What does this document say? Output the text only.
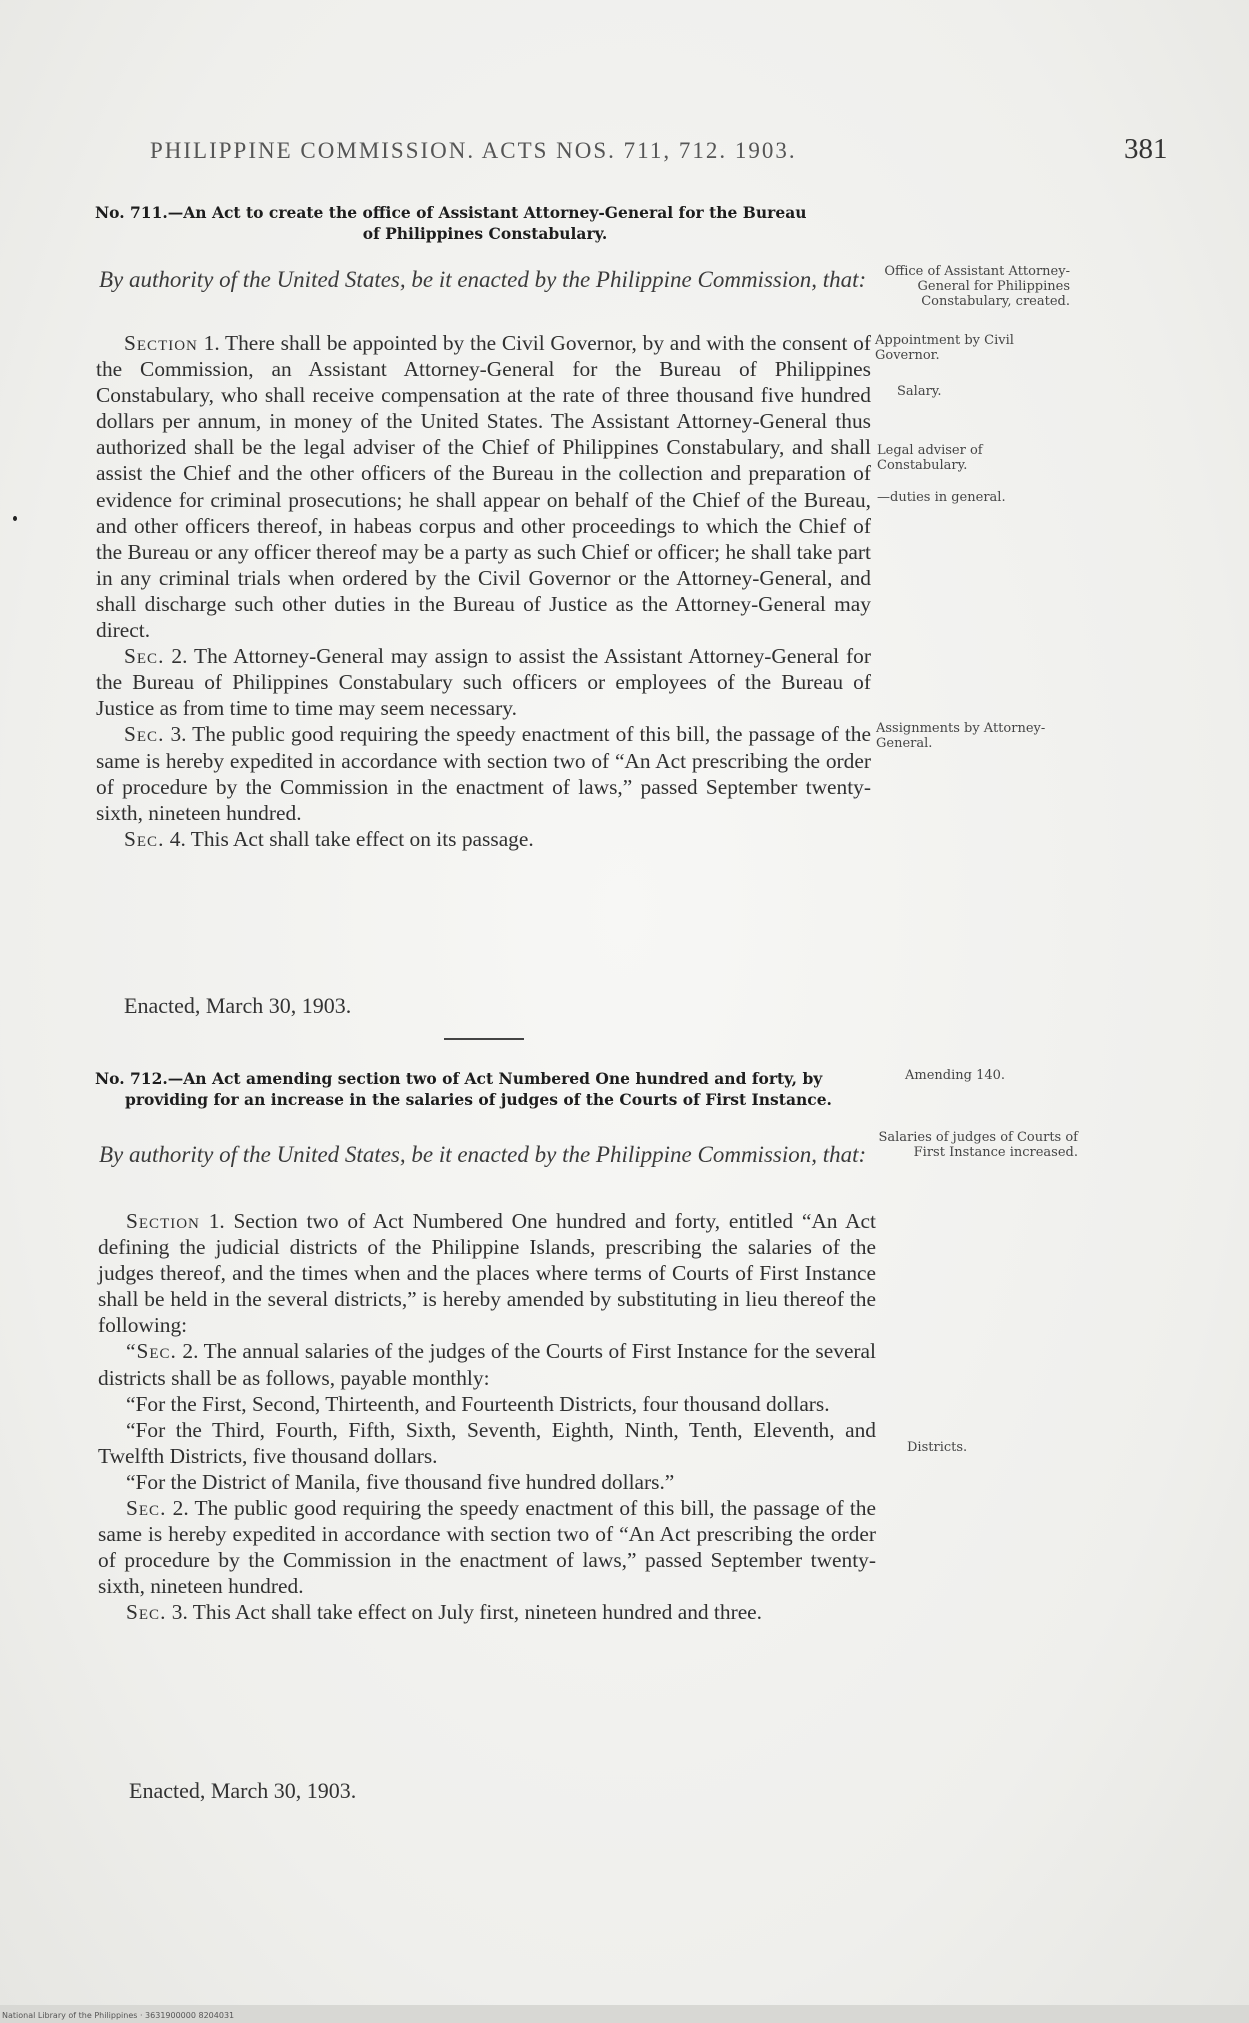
PHILIPPINE COMMISSION. ACTS NOS. 711, 712. 1903.	381
No. 711.—An Act to create the office of Assistant Attorney-General for the Bureau
of Philippines Constabulary.
By authority of the United States, be it enacted by the Philippine Commission, that:

Section 1. There shall be appointed by the Civil Governor, by and with the consent of the Commission, an Assistant Attorney-General for the Bureau of Philippines Constabulary, who shall receive compensation at the rate of three thousand five hundred dollars per annum, in money of the United States. The Assistant Attorney-General thus authorized shall be the legal adviser of the Chief of Philippines Constabulary, and shall assist the Chief and the other officers of the Bureau in the collection and preparation of evidence for criminal prosecutions; he shall appear on behalf of the Chief of the Bureau, and other officers thereof, in habeas corpus and other proceedings to which the Chief of the Bureau or any officer thereof may be a party as such Chief or officer; he shall take part in any criminal trials when ordered by the Civil Governor or the Attorney-General, and shall discharge such other duties in the Bureau of Justice as the Attorney-General may direct.

Sec. 2. The Attorney-General may assign to assist the Assistant Attorney-General for the Bureau of Philippines Constabulary such officers or employees of the Bureau of Justice as from time to time may seem necessary.

Sec. 3. The public good requiring the speedy enactment of this bill, the passage of the same is hereby expedited in accordance with section two of “An Act prescribing the order of procedure by the Commission in the enactment of laws,” passed September twenty-sixth, nineteen hundred.

Sec. 4. This Act shall take effect on its passage.

Enacted, March 30, 1903.
Office of Assistant Attorney-General for Philippines Constabulary, created.
Appointment by Civil Governor.
Salary.
Legal adviser of Constabulary.
—duties in general.
Assignments by Attorney-General.
No. 712.—An Act amending section two of Act Numbered One hundred and forty, by providing for an increase in the salaries of judges of the Courts of First Instance.
By authority of the United States, be it enacted by the Philippine Commission, that:

Section 1. Section two of Act Numbered One hundred and forty, entitled “An Act defining the judicial districts of the Philippine Islands, prescribing the salaries of the judges thereof, and the times when and the places where terms of Courts of First Instance shall be held in the several districts,” is hereby amended by substituting in lieu thereof the following:

“Sec. 2. The annual salaries of the judges of the Courts of First Instance for the several districts shall be as follows, payable monthly:

“For the First, Second, Thirteenth, and Fourteenth Districts, four thousand dollars.

“For the Third, Fourth, Fifth, Sixth, Seventh, Eighth, Ninth, Tenth, Eleventh, and Twelfth Districts, five thousand dollars.

“For the District of Manila, five thousand five hundred dollars.”

Sec. 2. The public good requiring the speedy enactment of this bill, the passage of the same is hereby expedited in accordance with section two of “An Act prescribing the order of procedure by the Commission in the enactment of laws,” passed September twenty-sixth, nineteen hundred.

Sec. 3. This Act shall take effect on July first, nineteen hundred and three.

Enacted, March 30, 1903.
Amending 140.
Salaries of judges of Courts of First Instance increased.
Districts.
National Library of the Philippines · 3631900000 8204031
